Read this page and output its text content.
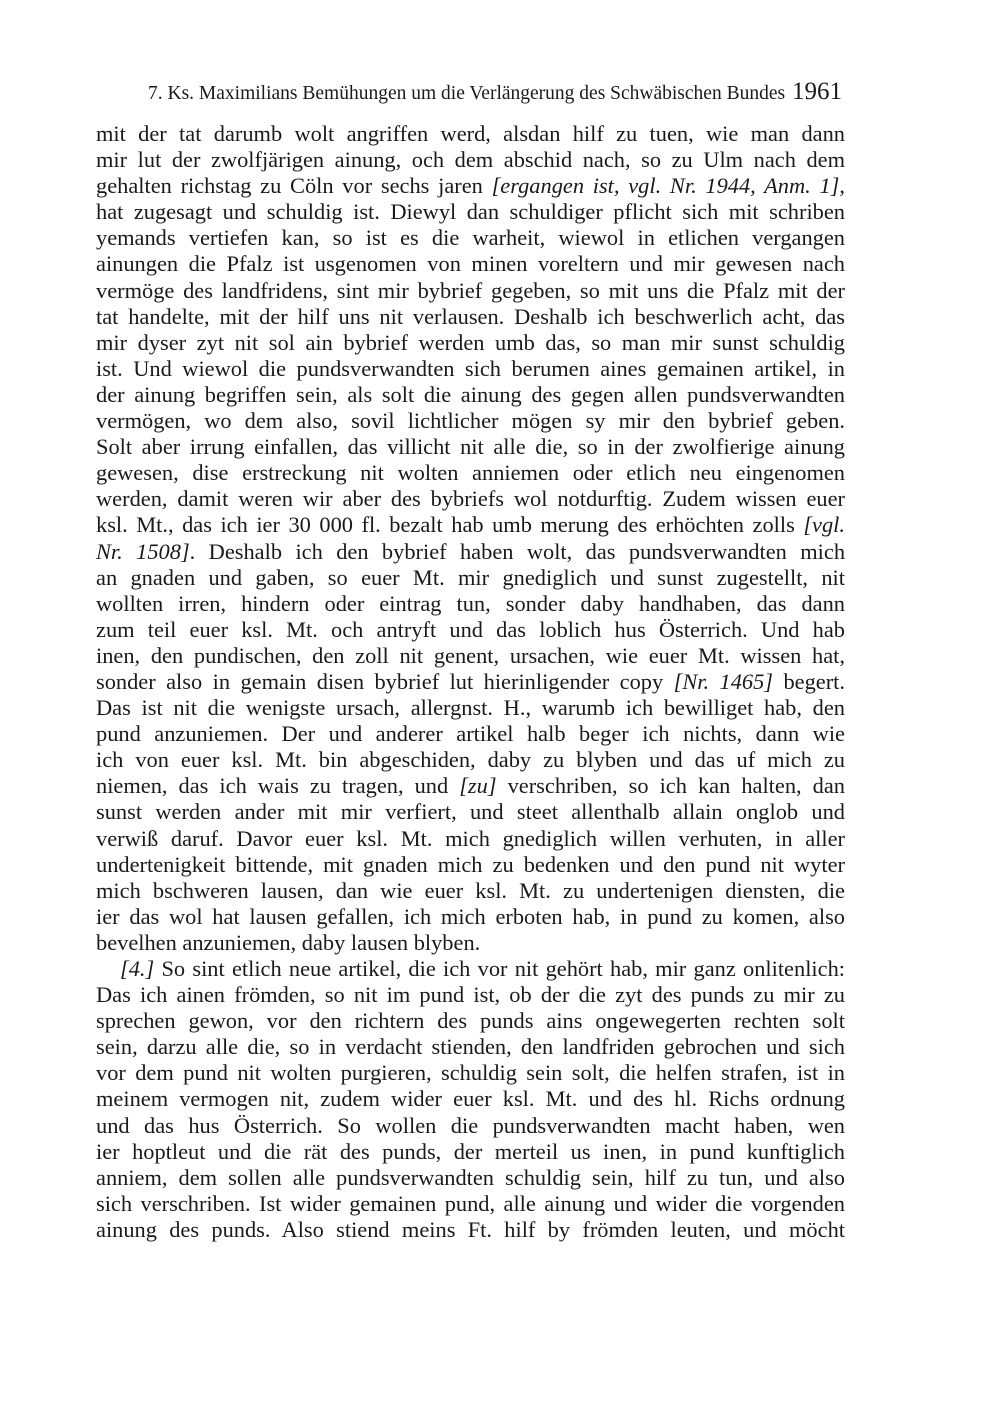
7. Ks. Maximilians Bemühungen um die Verlängerung des Schwäbischen Bundes 1961
mit der tat darumb wolt angriffen werd, alsdan hilf zu tuen, wie man dann
mir lut der zwolfjärigen ainung, och dem abschid nach, so zu Ulm nach dem
gehalten richstag zu Cöln vor sechs jaren [ergangen ist, vgl. Nr. 1944, Anm. 1],
hat zugesagt und schuldig ist. Diewyl dan schuldiger pflicht sich mit schriben
yemands vertiefen kan, so ist es die warheit, wiewol in etlichen vergangen
ainungen die Pfalz ist usgenomen von minen voreltern und mir gewesen nach
vermöge des landfridens, sint mir bybrief gegeben, so mit uns die Pfalz mit der
tat handelte, mit der hilf uns nit verlausen. Deshalb ich beschwerlich acht, das
mir dyser zyt nit sol ain bybrief werden umb das, so man mir sunst schuldig
ist. Und wiewol die pundsverwandten sich berumen aines gemainen artikel, in
der ainung begriffen sein, als solt die ainung des gegen allen pundsverwandten
vermögen, wo dem also, sovil lichtlicher mögen sy mir den bybrief geben.
Solt aber irrung einfallen, das villicht nit alle die, so in der zwolfierige ainung
gewesen, dise erstreckung nit wolten anniemen oder etlich neu eingenomen
werden, damit weren wir aber des bybriefs wol notdurftig. Zudem wissen euer
ksl. Mt., das ich ier 30 000 fl. bezalt hab umb merung des erhöchten zolls [vgl.
Nr. 1508]. Deshalb ich den bybrief haben wolt, das pundsverwandten mich
an gnaden und gaben, so euer Mt. mir gnediglich und sunst zugestellt, nit
wollten irren, hindern oder eintrag tun, sonder daby handhaben, das dann
zum teil euer ksl. Mt. och antryft und das loblich hus Österrich. Und hab
inen, den pundischen, den zoll nit genent, ursachen, wie euer Mt. wissen hat,
sonder also in gemain disen bybrief lut hierinligender copy [Nr. 1465] begert.
Das ist nit die wenigste ursach, allergnst. H., warumb ich bewilliget hab, den
pund anzuniemen. Der und anderer artikel halb beger ich nichts, dann wie
ich von euer ksl. Mt. bin abgeschiden, daby zu blyben und das uf mich zu
niemen, das ich wais zu tragen, und [zu] verschriben, so ich kan halten, dan
sunst werden ander mit mir verfiert, und steet allenthalb allain onglob und
verwiß daruf. Davor euer ksl. Mt. mich gnediglich willen verhuten, in aller
undertenigkeit bittende, mit gnaden mich zu bedenken und den pund nit wyter
mich bschweren lausen, dan wie euer ksl. Mt. zu undertenigen diensten, die
ier das wol hat lausen gefallen, ich mich erboten hab, in pund zu komen, also
bevelhen anzuniemen, daby lausen blyben.
[4.] So sint etlich neue artikel, die ich vor nit gehört hab, mir ganz onlitenlich:
Das ich ainen frömden, so nit im pund ist, ob der die zyt des punds zu mir zu
sprechen gewon, vor den richtern des punds ains ongewegerten rechten solt
sein, darzu alle die, so in verdacht stienden, den landfriden gebrochen und sich
vor dem pund nit wolten purgieren, schuldig sein solt, die helfen strafen, ist in
meinem vermogen nit, zudem wider euer ksl. Mt. und des hl. Richs ordnung
und das hus Österrich. So wollen die pundsverwandten macht haben, wen
ier hoptleut und die rät des punds, der merteil us inen, in pund kunftiglich
anniem, dem sollen alle pundsverwandten schuldig sein, hilf zu tun, und also
sich verschriben. Ist wider gemainen pund, alle ainung und wider die vorgenden
ainung des punds. Also stiend meins Ft. hilf by frömden leuten, und möcht
